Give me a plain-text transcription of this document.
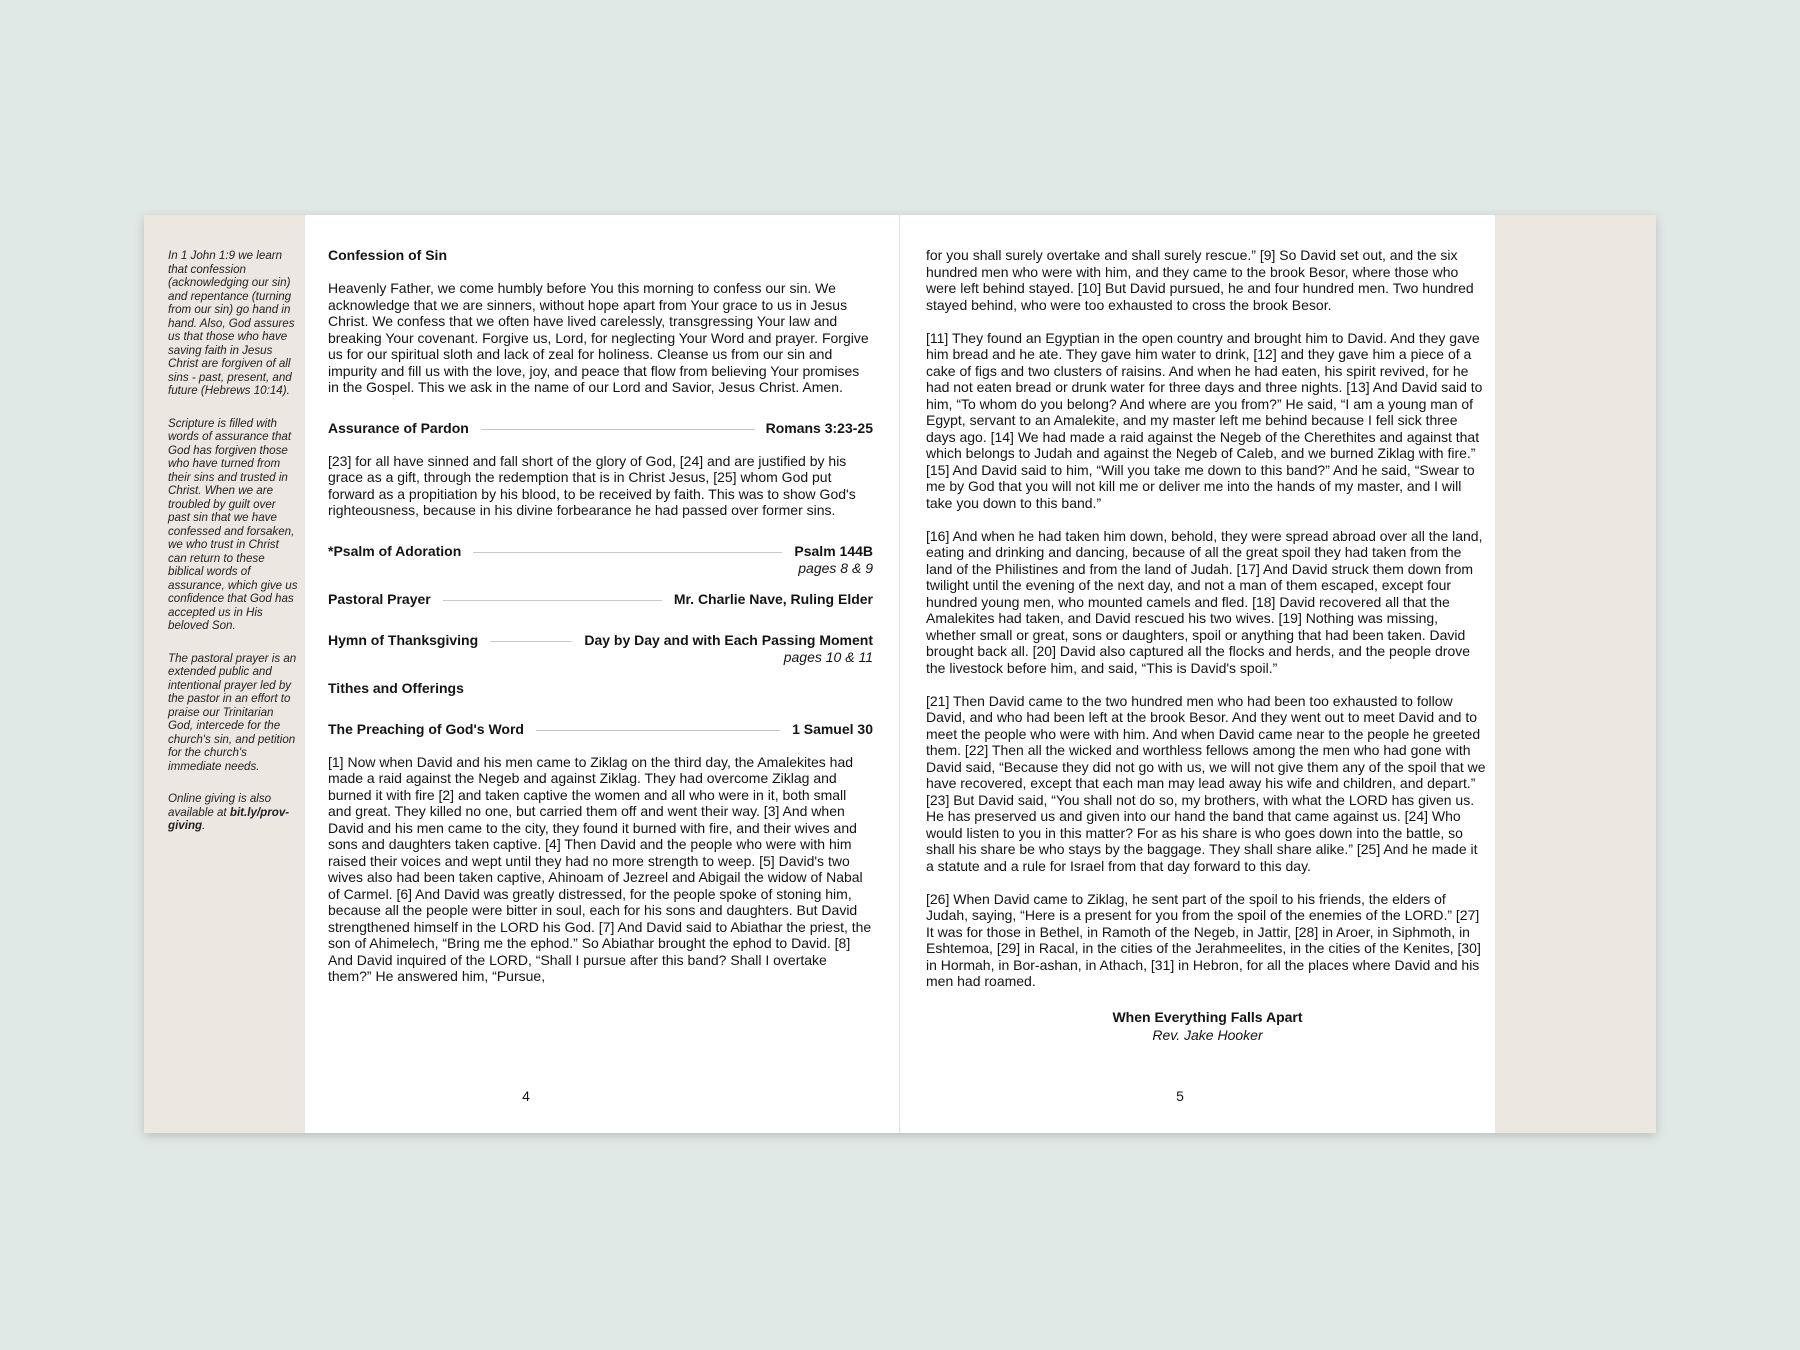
In 1 John 1:9 we learn that confession (acknowledging our sin) and repentance (turning from our sin) go hand in hand. Also, God assures us that those who have saving faith in Jesus Christ are forgiven of all sins - past, present, and future (Hebrews 10:14).

Scripture is filled with words of assurance that God has forgiven those who have turned from their sins and trusted in Christ. When we are troubled by guilt over past sin that we have confessed and forsaken, we who trust in Christ can return to these biblical words of assurance, which give us confidence that God has accepted us in His beloved Son.

The pastoral prayer is an extended public and intentional prayer led by the pastor in an effort to praise our Trinitarian God, intercede for the church's sin, and petition for the church's immediate needs.

Online giving is also available at bit.ly/prov-giving.

Confession of Sin

Heavenly Father, we come humbly before You this morning to confess our sin. We acknowledge that we are sinners, without hope apart from Your grace to us in Jesus Christ. We confess that we often have lived carelessly, transgressing Your law and breaking Your covenant. Forgive us, Lord, for neglecting Your Word and prayer. Forgive us for our spiritual sloth and lack of zeal for holiness. Cleanse us from our sin and impurity and fill us with the love, joy, and peace that flow from believing Your promises in the Gospel. This we ask in the name of our Lord and Savior, Jesus Christ. Amen.

Assurance of Pardon	Romans 3:23-25

[23] for all have sinned and fall short of the glory of God, [24] and are justified by his grace as a gift, through the redemption that is in Christ Jesus, [25] whom God put forward as a propitiation by his blood, to be received by faith. This was to show God's righteousness, because in his divine forbearance he had passed over former sins.

*Psalm of Adoration	Psalm 144B
pages 8 & 9
Pastoral Prayer	Mr. Charlie Nave, Ruling Elder
Hymn of Thanksgiving	Day by Day and with Each Passing Moment
pages 10 & 11

Tithes and Offerings

The Preaching of God's Word	1 Samuel 30

[1] Now when David and his men came to Ziklag on the third day, the Amalekites had made a raid against the Negeb and against Ziklag. They had overcome Ziklag and burned it with fire [2] and taken captive the women and all who were in it, both small and great. They killed no one, but carried them off and went their way. [3] And when David and his men came to the city, they found it burned with fire, and their wives and sons and daughters taken captive. [4] Then David and the people who were with him raised their voices and wept until they had no more strength to weep. [5] David's two wives also had been taken captive, Ahinoam of Jezreel and Abigail the widow of Nabal of Carmel. [6] And David was greatly distressed, for the people spoke of stoning him, because all the people were bitter in soul, each for his sons and daughters. But David strengthened himself in the LORD his God. [7] And David said to Abiathar the priest, the son of Ahimelech, “Bring me the ephod.” So Abiathar brought the ephod to David. [8] And David inquired of the LORD, “Shall I pursue after this band? Shall I overtake them?” He answered him, “Pursue,

4

for you shall surely overtake and shall surely rescue.” [9] So David set out, and the six hundred men who were with him, and they came to the brook Besor, where those who were left behind stayed. [10] But David pursued, he and four hundred men. Two hundred stayed behind, who were too exhausted to cross the brook Besor.

[11] They found an Egyptian in the open country and brought him to David. And they gave him bread and he ate. They gave him water to drink, [12] and they gave him a piece of a cake of figs and two clusters of raisins. And when he had eaten, his spirit revived, for he had not eaten bread or drunk water for three days and three nights. [13] And David said to him, “To whom do you belong? And where are you from?” He said, “I am a young man of Egypt, servant to an Amalekite, and my master left me behind because I fell sick three days ago. [14] We had made a raid against the Negeb of the Cherethites and against that which belongs to Judah and against the Negeb of Caleb, and we burned Ziklag with fire.” [15] And David said to him, “Will you take me down to this band?” And he said, “Swear to me by God that you will not kill me or deliver me into the hands of my master, and I will take you down to this band.”

[16] And when he had taken him down, behold, they were spread abroad over all the land, eating and drinking and dancing, because of all the great spoil they had taken from the land of the Philistines and from the land of Judah. [17] And David struck them down from twilight until the evening of the next day, and not a man of them escaped, except four hundred young men, who mounted camels and fled. [18] David recovered all that the Amalekites had taken, and David rescued his two wives. [19] Nothing was missing, whether small or great, sons or daughters, spoil or anything that had been taken. David brought back all. [20] David also captured all the flocks and herds, and the people drove the livestock before him, and said, “This is David's spoil.”

[21] Then David came to the two hundred men who had been too exhausted to follow David, and who had been left at the brook Besor. And they went out to meet David and to meet the people who were with him. And when David came near to the people he greeted them. [22] Then all the wicked and worthless fellows among the men who had gone with David said, “Because they did not go with us, we will not give them any of the spoil that we have recovered, except that each man may lead away his wife and children, and depart.” [23] But David said, “You shall not do so, my brothers, with what the LORD has given us. He has preserved us and given into our hand the band that came against us. [24] Who would listen to you in this matter? For as his share is who goes down into the battle, so shall his share be who stays by the baggage. They shall share alike.” [25] And he made it a statute and a rule for Israel from that day forward to this day.

[26] When David came to Ziklag, he sent part of the spoil to his friends, the elders of Judah, saying, “Here is a present for you from the spoil of the enemies of the LORD.” [27] It was for those in Bethel, in Ramoth of the Negeb, in Jattir, [28] in Aroer, in Siphmoth, in Eshtemoa, [29] in Racal, in the cities of the Jerahmeelites, in the cities of the Kenites, [30] in Hormah, in Bor-ashan, in Athach, [31] in Hebron, for all the places where David and his men had roamed.

When Everything Falls Apart
Rev. Jake Hooker
5
